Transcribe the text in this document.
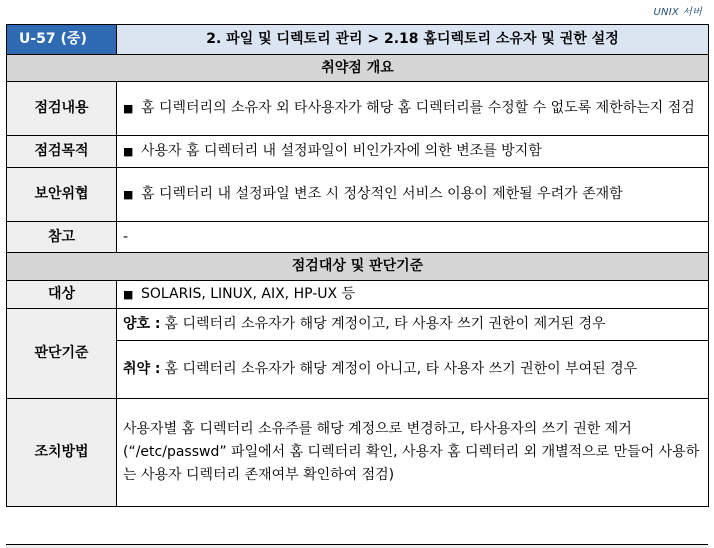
UNIX 서버
U-57 (중)	2. 파일 및 디렉토리 관리 > 2.18 홈디렉토리 소유자 및 권한 설정
취약점 개요	
점검내용	■ 홈 디렉터리의 소유자 외 타사용자가 해당 홈 디렉터리를 수정할 수 없도록 제한하는지 점검

점검목적	■ 사용자 홈 디렉터리 내 설정파일이 비인가자에 의한 변조를 방지함

보안위협	■ 홈 디렉터리 내 설정파일 변조 시 정상적인 서비스 이용이 제한될 우려가 존재함

참고	-
점검대상 및 판단기준	
대상	■ SOLARIS, LINUX, AIX, HP-UX 등

판단기준	양호 : 홈 디렉터리 소유자가 해당 계정이고, 타 사용자 쓰기 권한이 제거된 경우

	취약 : 홈 디렉터리 소유자가 해당 계정이 아니고, 타 사용자 쓰기 권한이 부여된 경우

조치방법	사용자별 홈 디렉터리 소유주를 해당 계정으로 변경하고, 타사용자의 쓰기 권한 제거
(“/etc/passwd” 파일에서 홈 디렉터리 확인, 사용자 홈 디렉터리 외 개별적으로 만들어 사용하는 사용자 디렉터리 존재여부 확인하여 점검)
